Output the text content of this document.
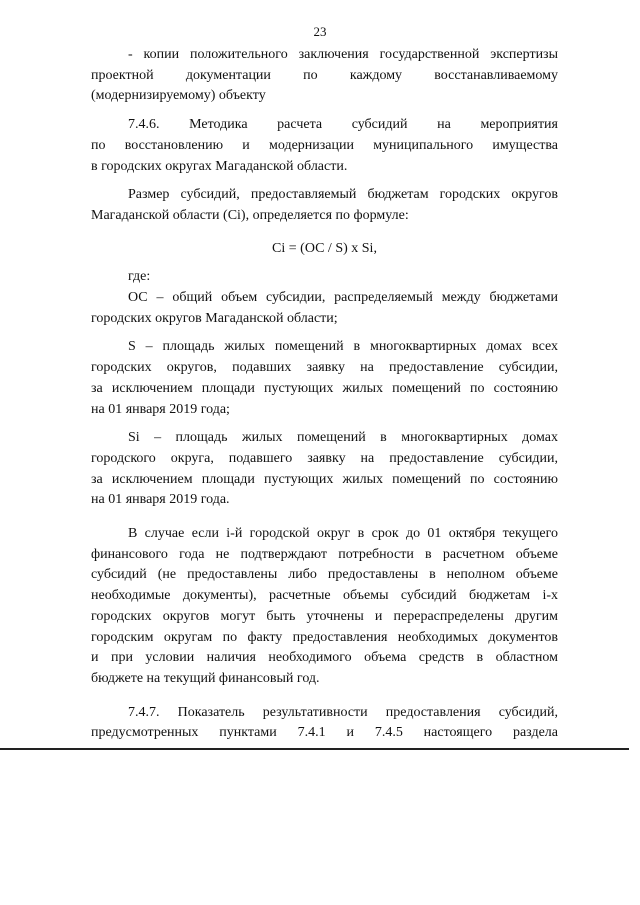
23
- копии положительного заключения государственной экспертизы
проектной документации по каждому восстанавливаемому
(модернизируемому) объекту
7.4.6. Методика расчета субсидий на мероприятия
по восстановлению и модернизации муниципального имущества
в городских округах Магаданской области.
Размер субсидий, предоставляемый бюджетам городских округов
Магаданской области (Ci), определяется по формуле:
Ci = (ОС / S) x Si,
где:
ОС – общий объем субсидии, распределяемый между бюджетами
городских округов Магаданской области;
S – площадь жилых помещений в многоквартирных домах всех
городских округов, подавших заявку на предоставление субсидии,
за исключением площади пустующих жилых помещений по состоянию
на 01 января 2019 года;
Si – площадь жилых помещений в многоквартирных домах
городского округа, подавшего заявку на предоставление субсидии,
за исключением площади пустующих жилых помещений по состоянию
на 01 января 2019 года.
В случае если i-й городской округ в срок до 01 октября текущего
финансового года не подтверждают потребности в расчетном объеме
субсидий (не предоставлены либо предоставлены в неполном объеме
необходимые документы), расчетные объемы субсидий бюджетам i-х
городских округов могут быть уточнены и перераспределены другим
городским округам по факту предоставления необходимых документов
и при условии наличия необходимого объема средств в областном
бюджете на текущий финансовый год.
7.4.7. Показатель результативности предоставления субсидий,
предусмотренных пунктами 7.4.1 и 7.4.5 настоящего раздела
